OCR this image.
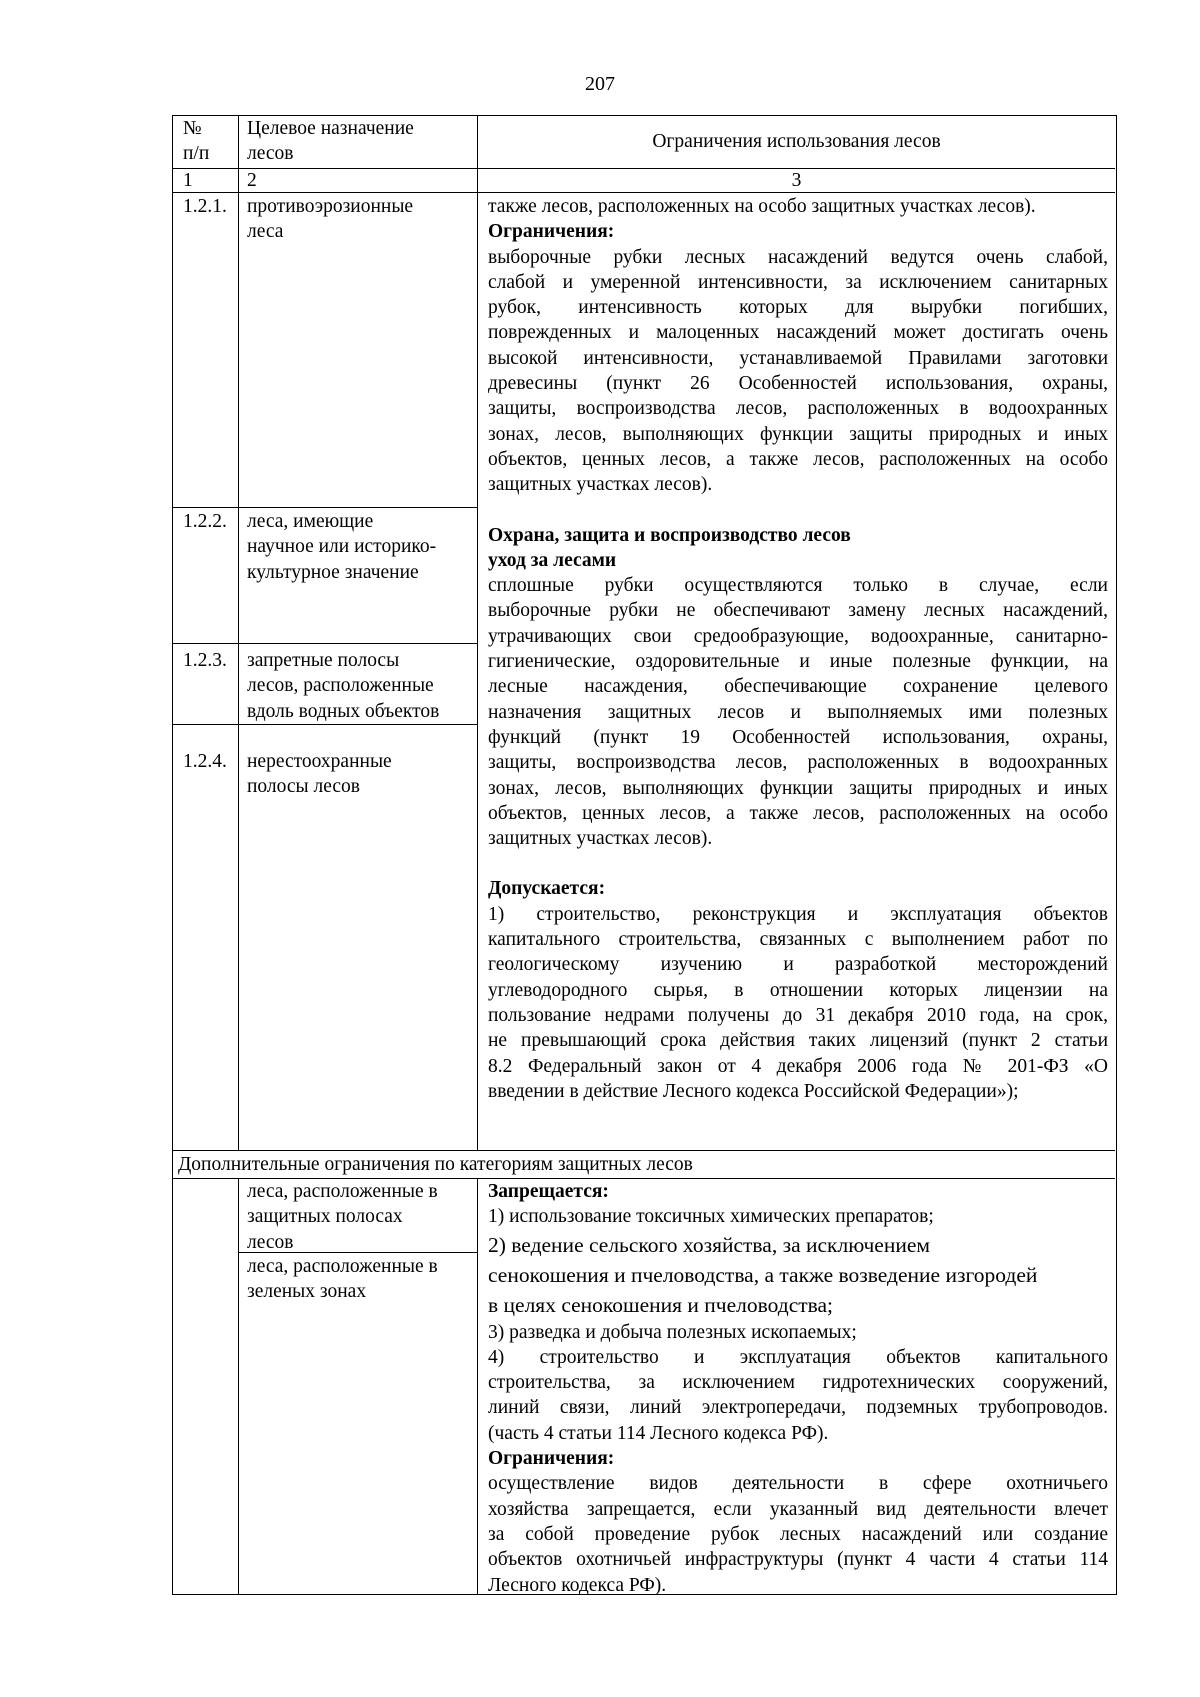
207
№
п/п
Целевое назначение
лесов
Ограничения использования лесов
1	2	3
1.2.1. противоэрозионные
леса
1.2.2. леса, имеющие
научное или историко-
культурное значение
1.2.3. запретные полосы
лесов, расположенные
вдоль водных объектов
1.2.4. нерестоохранные
полосы лесов
также лесов, расположенных на особо защитных участках лесов).
Ограничения:
выборочные рубки лесных насаждений ведутся очень слабой,
слабой и умеренной интенсивности, за исключением санитарных
рубок, интенсивность которых для вырубки погибших,
поврежденных и малоценных насаждений может достигать очень
высокой интенсивности, устанавливаемой Правилами заготовки
древесины (пункт 26 Особенностей использования, охраны,
защиты, воспроизводства лесов, расположенных в водоохранных
зонах, лесов, выполняющих функции защиты природных и иных
объектов, ценных лесов, а также лесов, расположенных на особо
защитных участках лесов).
Охрана, защита и воспроизводство лесов
уход за лесами
сплошные рубки осуществляются только в случае, если
выборочные рубки не обеспечивают замену лесных насаждений,
утрачивающих свои средообразующие, водоохранные, санитарно-
гигиенические, оздоровительные и иные полезные функции, на
лесные насаждения, обеспечивающие сохранение целевого
назначения защитных лесов и выполняемых ими полезных
функций (пункт 19 Особенностей использования, охраны,
защиты, воспроизводства лесов, расположенных в водоохранных
зонах, лесов, выполняющих функции защиты природных и иных
объектов, ценных лесов, а также лесов, расположенных на особо
защитных участках лесов).
Допускается:
1) строительство, реконструкция и эксплуатация объектов
капитального строительства, связанных с выполнением работ по
геологическому изучению и разработкой месторождений
углеводородного сырья, в отношении которых лицензии на
пользование недрами получены до 31 декабря 2010 года, на срок,
не превышающий срока действия таких лицензий (пункт 2 статьи
8.2 Федеральный закон от 4 декабря 2006 года № 201-ФЗ «О
введении в действие Лесного кодекса Российской Федерации»);
Дополнительные ограничения по категориям защитных лесов
леса, расположенные в
защитных полосах
лесов
леса, расположенные в
зеленых зонах
Запрещается:
1) использование токсичных химических препаратов;
2) ведение сельского хозяйства, за исключением
сенокошения и пчеловодства, а также возведение изгородей
в целях сенокошения и пчеловодства;
3) разведка и добыча полезных ископаемых;
4) строительство и эксплуатация объектов капитального
строительства, за исключением гидротехнических сооружений,
линий связи, линий электропередачи, подземных трубопроводов.
(часть 4 статьи 114 Лесного кодекса РФ).
Ограничения:
осуществление видов деятельности в сфере охотничьего
хозяйства запрещается, если указанный вид деятельности влечет
за собой проведение рубок лесных насаждений или создание
объектов охотничьей инфраструктуры (пункт 4 части 4 статьи 114
Лесного кодекса РФ).
